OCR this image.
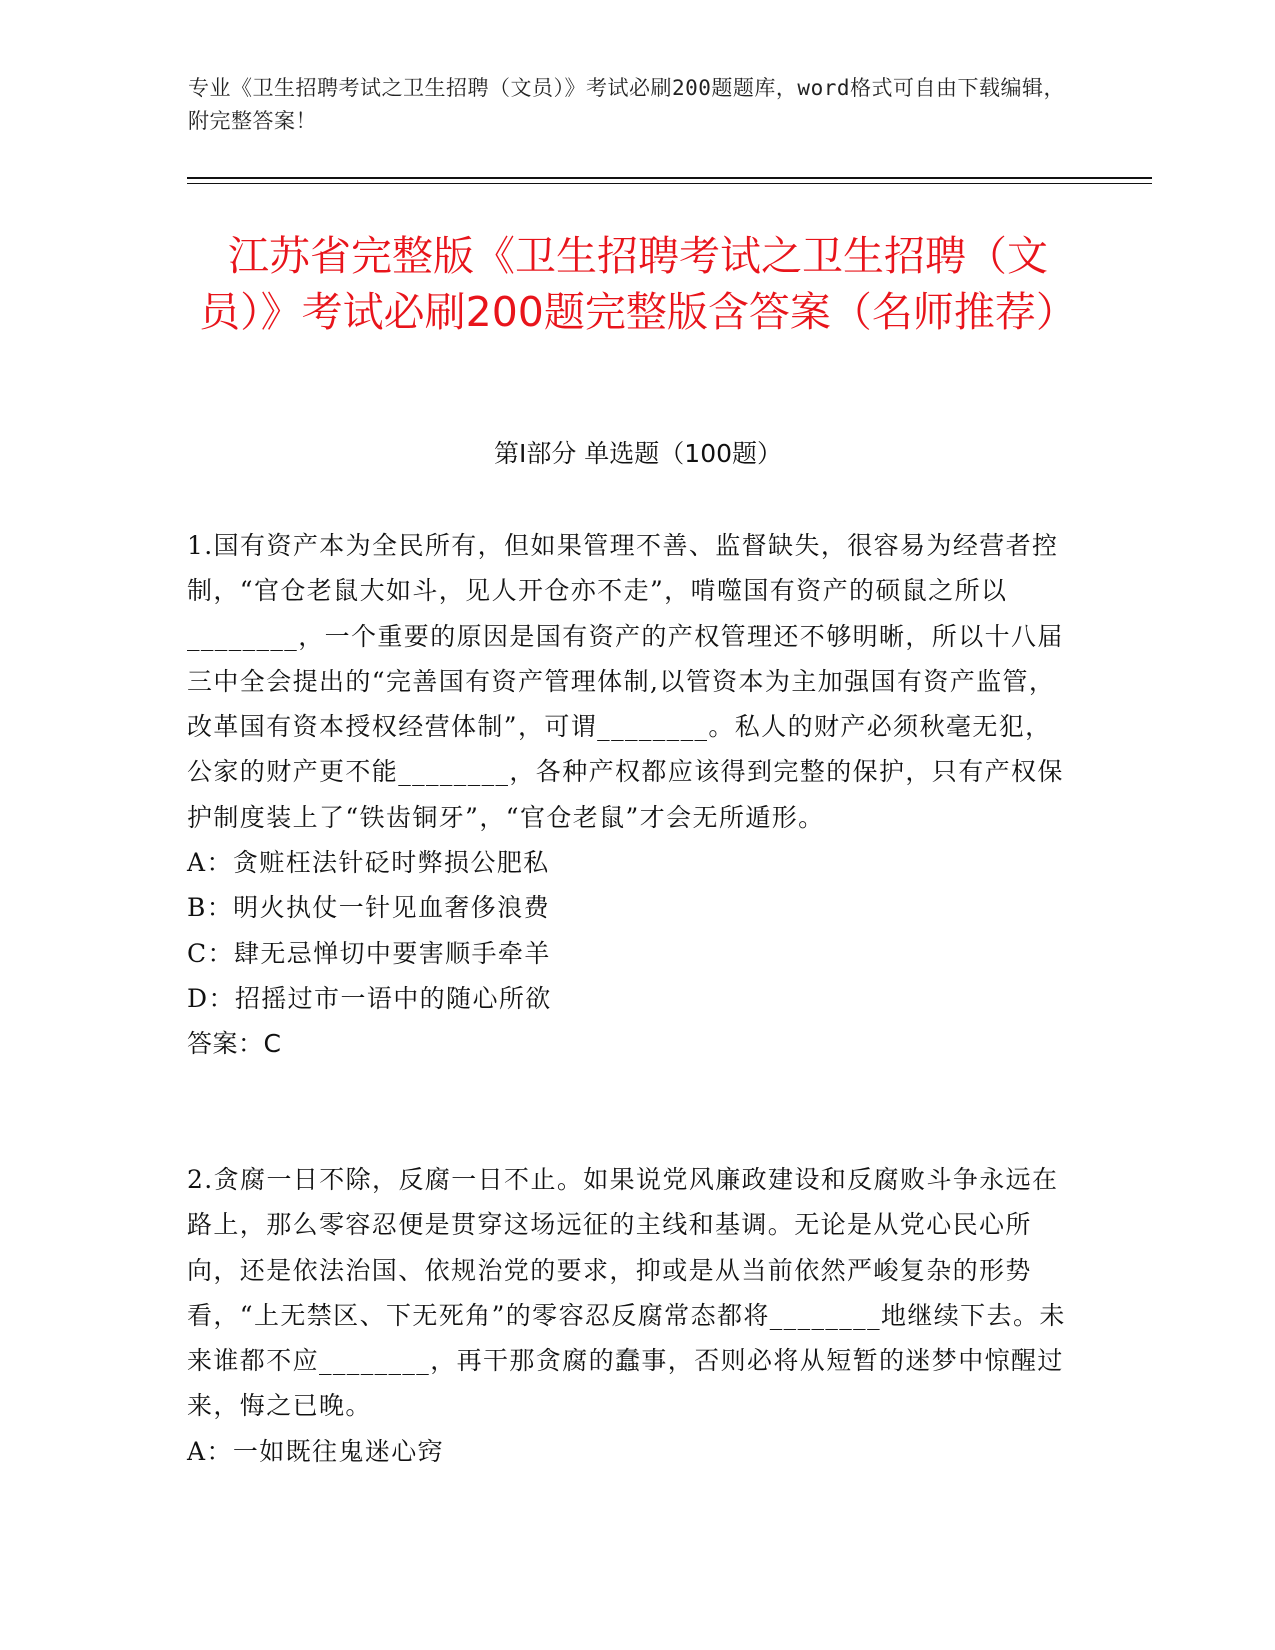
专业《卫生招聘考试之卫生招聘（文员）》考试必刷200题题库，word格式可自由下载编辑，附完整答案！
江苏省完整版《卫生招聘考试之卫生招聘（文员）》考试必刷200题完整版含答案（名师推荐）
第Ⅰ部分 单选题（100题）

1.国有资产本为全民所有，但如果管理不善、监督缺失，很容易为经营者控制，“官仓老鼠大如斗，见人开仓亦不走”，啃噬国有资产的硕鼠之所以________，一个重要的原因是国有资产的产权管理还不够明晰，所以十八届三中全会提出的“完善国有资产管理体制,以管资本为主加强国有资产监管，改革国有资本授权经营体制”，可谓________。私人的财产必须秋毫无犯，公家的财产更不能________，各种产权都应该得到完整的保护，只有产权保护制度装上了“铁齿铜牙”，“官仓老鼠”才会无所遁形。

A：贪赃枉法针砭时弊损公肥私

B：明火执仗一针见血奢侈浪费

C：肆无忌惮切中要害顺手牵羊

D：招摇过市一语中的随心所欲

答案：C

2.贪腐一日不除，反腐一日不止。如果说党风廉政建设和反腐败斗争永远在路上，那么零容忍便是贯穿这场远征的主线和基调。无论是从党心民心所向，还是依法治国、依规治党的要求，抑或是从当前依然严峻复杂的形势看，“上无禁区、下无死角”的零容忍反腐常态都将________地继续下去。未来谁都不应________，再干那贪腐的蠢事，否则必将从短暂的迷梦中惊醒过来，悔之已晚。

A：一如既往鬼迷心窍
